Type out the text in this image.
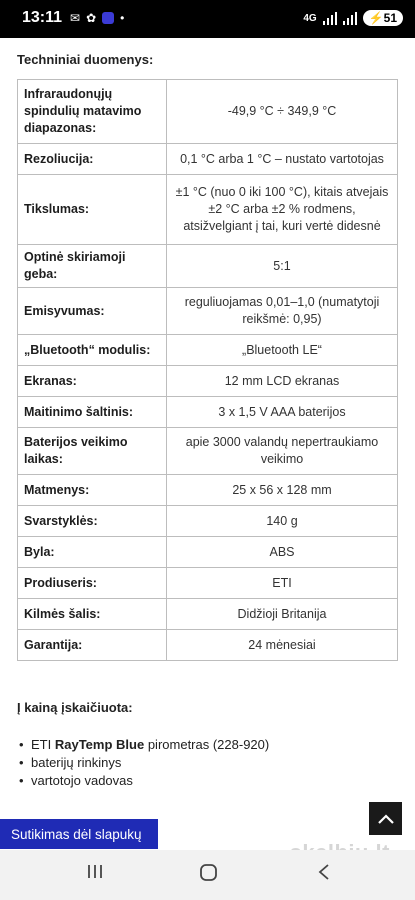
13:11 ✉ ✿ •	4G	⚡51
Techniniai duomenys:
Infraraudonųjų spindulių matavimo diapazonas:	-49,9 °C ÷ 349,9 °C
Rezoliucija:	0,1 °C arba 1 °C – nustato vartotojas
Tikslumas:	±1 °C (nuo 0 iki 100 °C), kitais atvejais ±2 °C arba ±2 % rodmens, atsižvelgiant į tai, kuri vertė didesnė
Optinė skiriamoji geba:	5:1
Emisyvumas:	reguliuojamas 0,01–1,0 (numatytoji reikšmė: 0,95)
„Bluetooth“ modulis:	„Bluetooth LE“
Ekranas:	12 mm LCD ekranas
Maitinimo šaltinis:	3 x 1,5 V AAA baterijos
Baterijos veikimo laikas:	apie 3000 valandų nepertraukiamo veikimo
Matmenys:	25 x 56 x 128 mm
Svarstyklės:	140 g
Byla:	ABS
Prodiuseris:	ETI
Kilmės šalis:	Didžioji Britanija
Garantija:	24 mėnesiai
Į kainą įskaičiuota:
• ETI RayTemp Blue pirometras (228-920)
• baterijų rinkinys
• vartotojo vadovas
Sutikimas dėl slapukų
